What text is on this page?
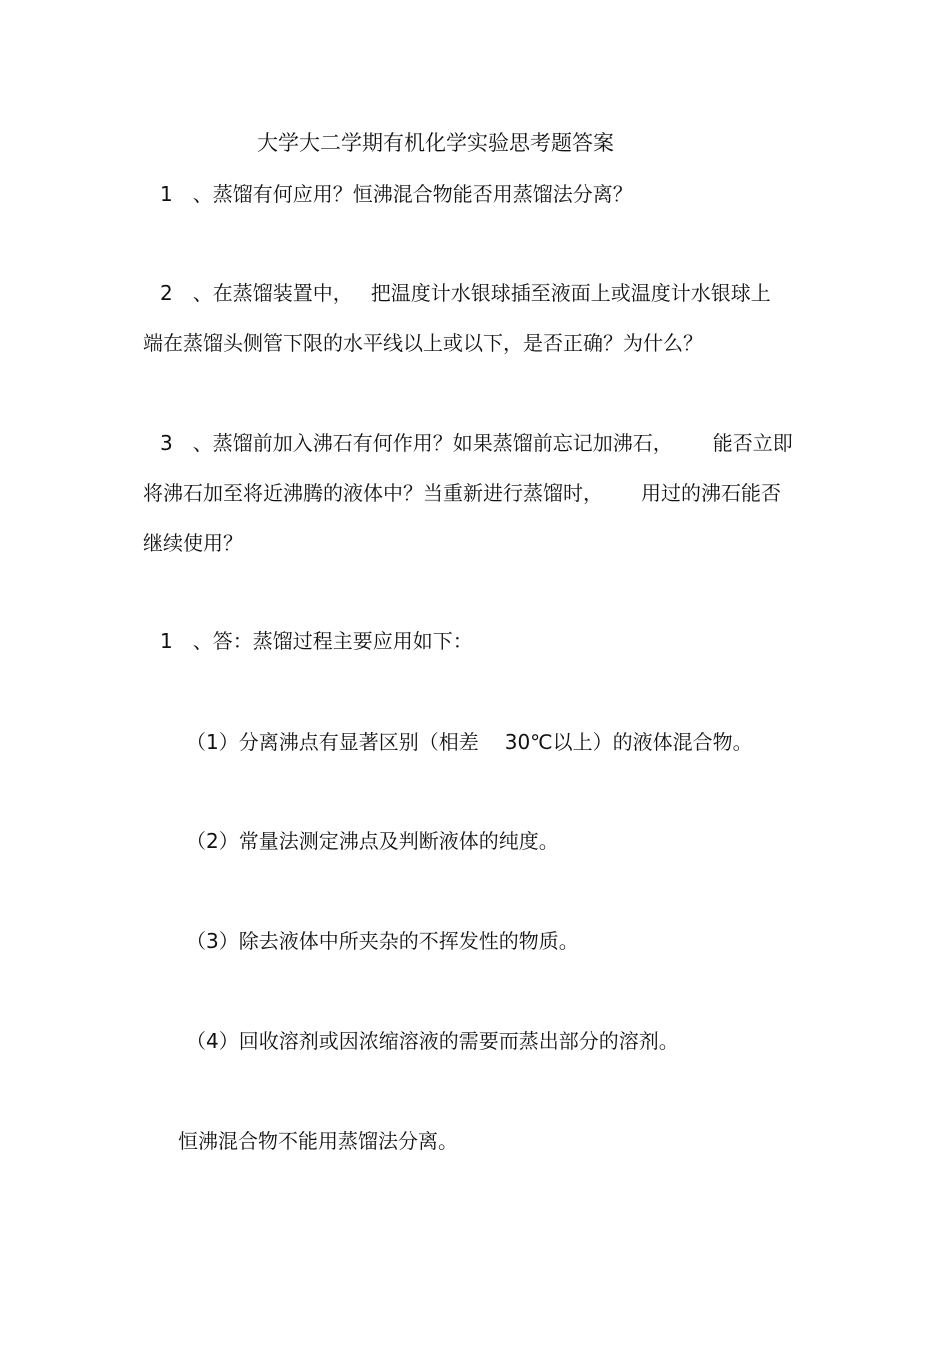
大学大二学期有机化学实验思考题答案
1 、蒸馏有何应用？恒沸混合物能否用蒸馏法分离？
2 、在蒸馏装置中， 把温度计水银球插至液面上或温度计水银球上
端在蒸馏头侧管下限的水平线以上或以下，是否正确？为什么？
3 、蒸馏前加入沸石有何作用？如果蒸馏前忘记加沸石， 能否立即
将沸石加至将近沸腾的液体中？当重新进行蒸馏时， 用过的沸石能否
继续使用？
1 、答：蒸馏过程主要应用如下：
（1）分离沸点有显著区别（相差 30℃以上）的液体混合物。
（2）常量法测定沸点及判断液体的纯度。
（3）除去液体中所夹杂的不挥发性的物质。
（4）回收溶剂或因浓缩溶液的需要而蒸出部分的溶剂。
恒沸混合物不能用蒸馏法分离。
